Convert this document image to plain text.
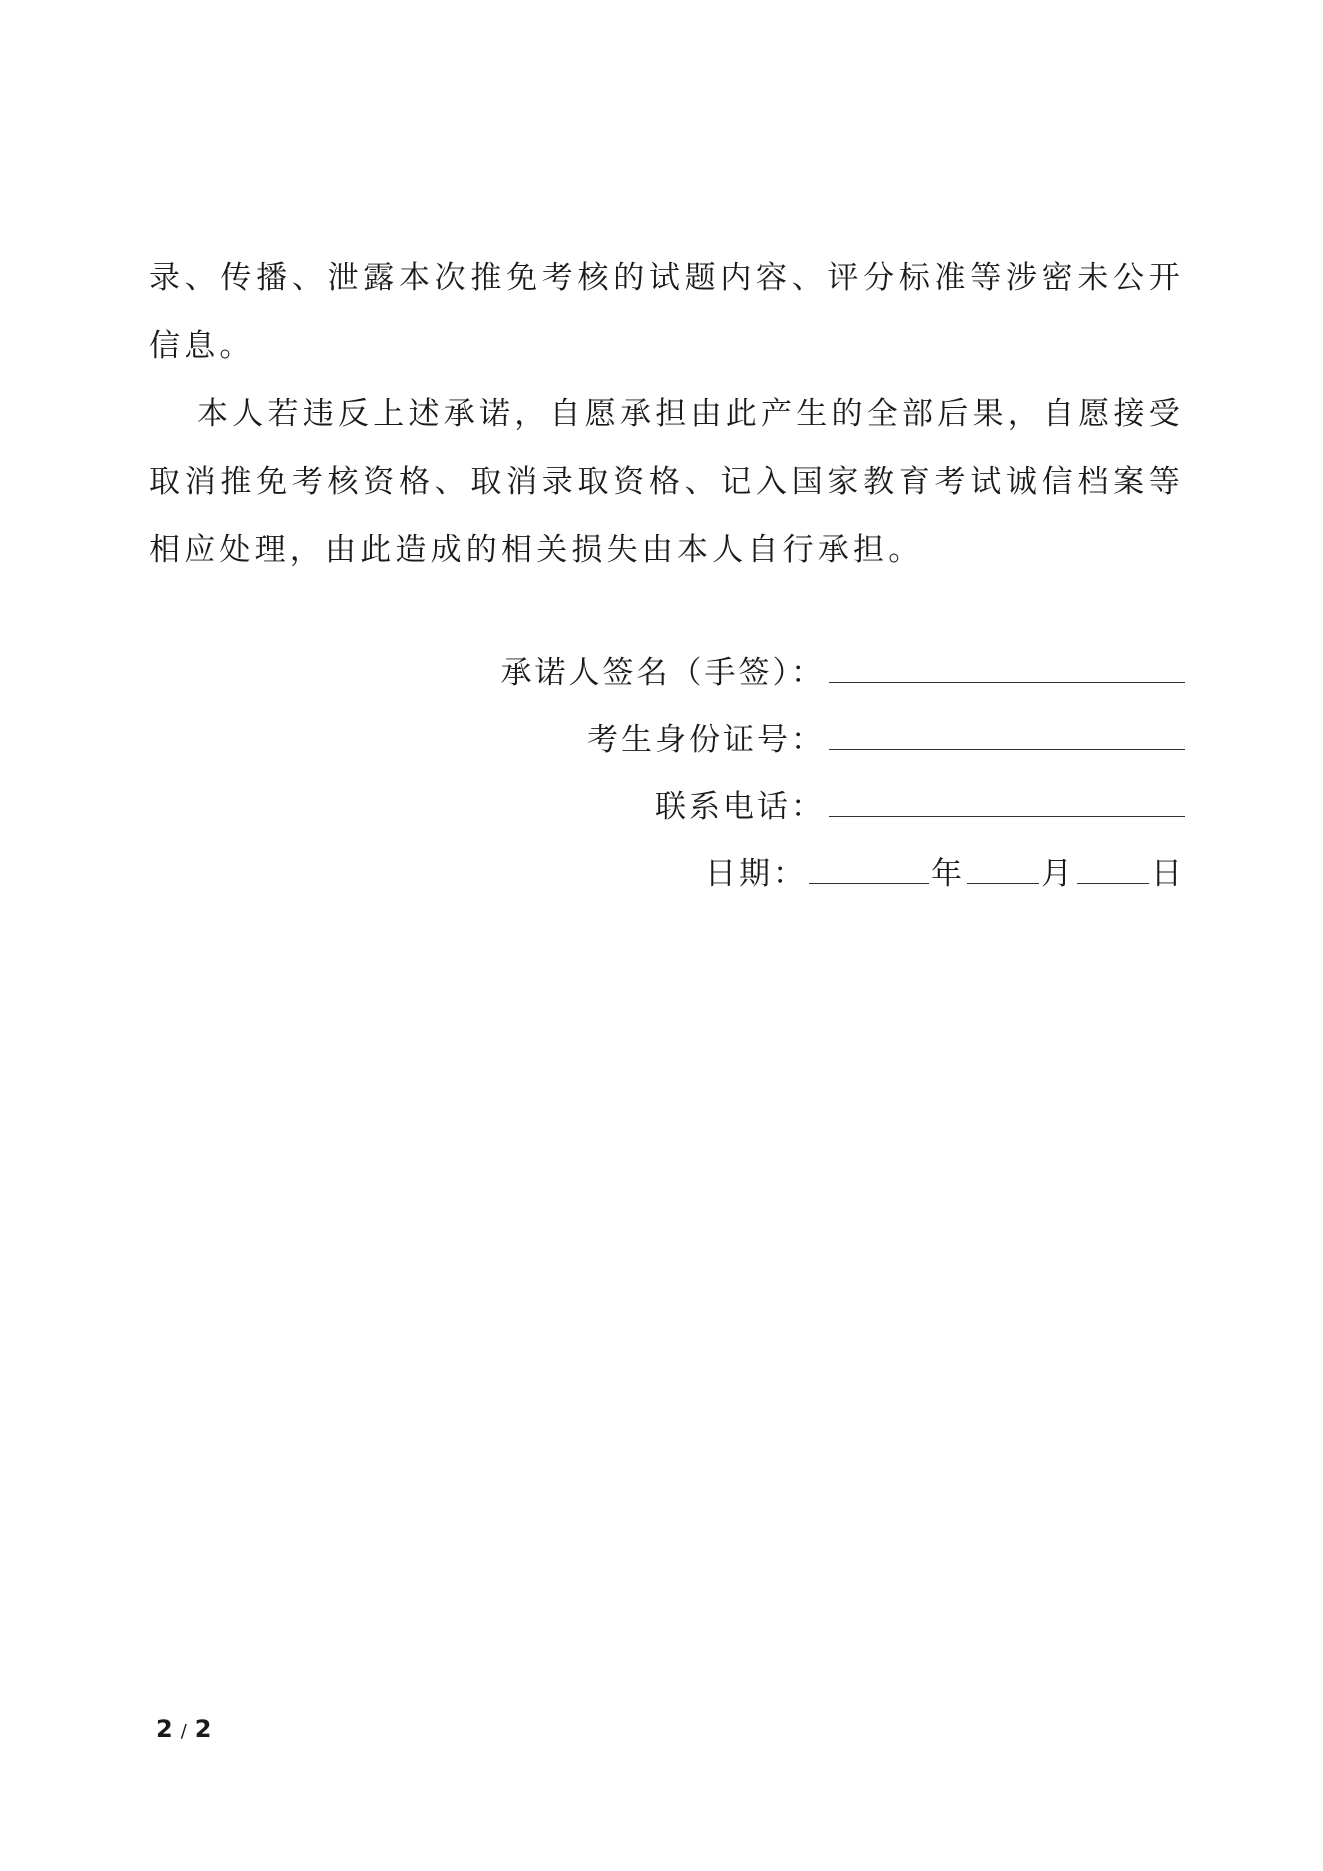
录、传播、泄露本次推免考核的试题内容、评分标准等涉密未公开信息。

本人若违反上述承诺，自愿承担由此产生的全部后果，自愿接受取消推免考核资格、取消录取资格、记入国家教育考试诚信档案等相应处理，由此造成的相关损失由本人自行承担。

承诺人签名（手签）：
考生身份证号：
联系电话：
日期：	年 月 日
2 / 2
